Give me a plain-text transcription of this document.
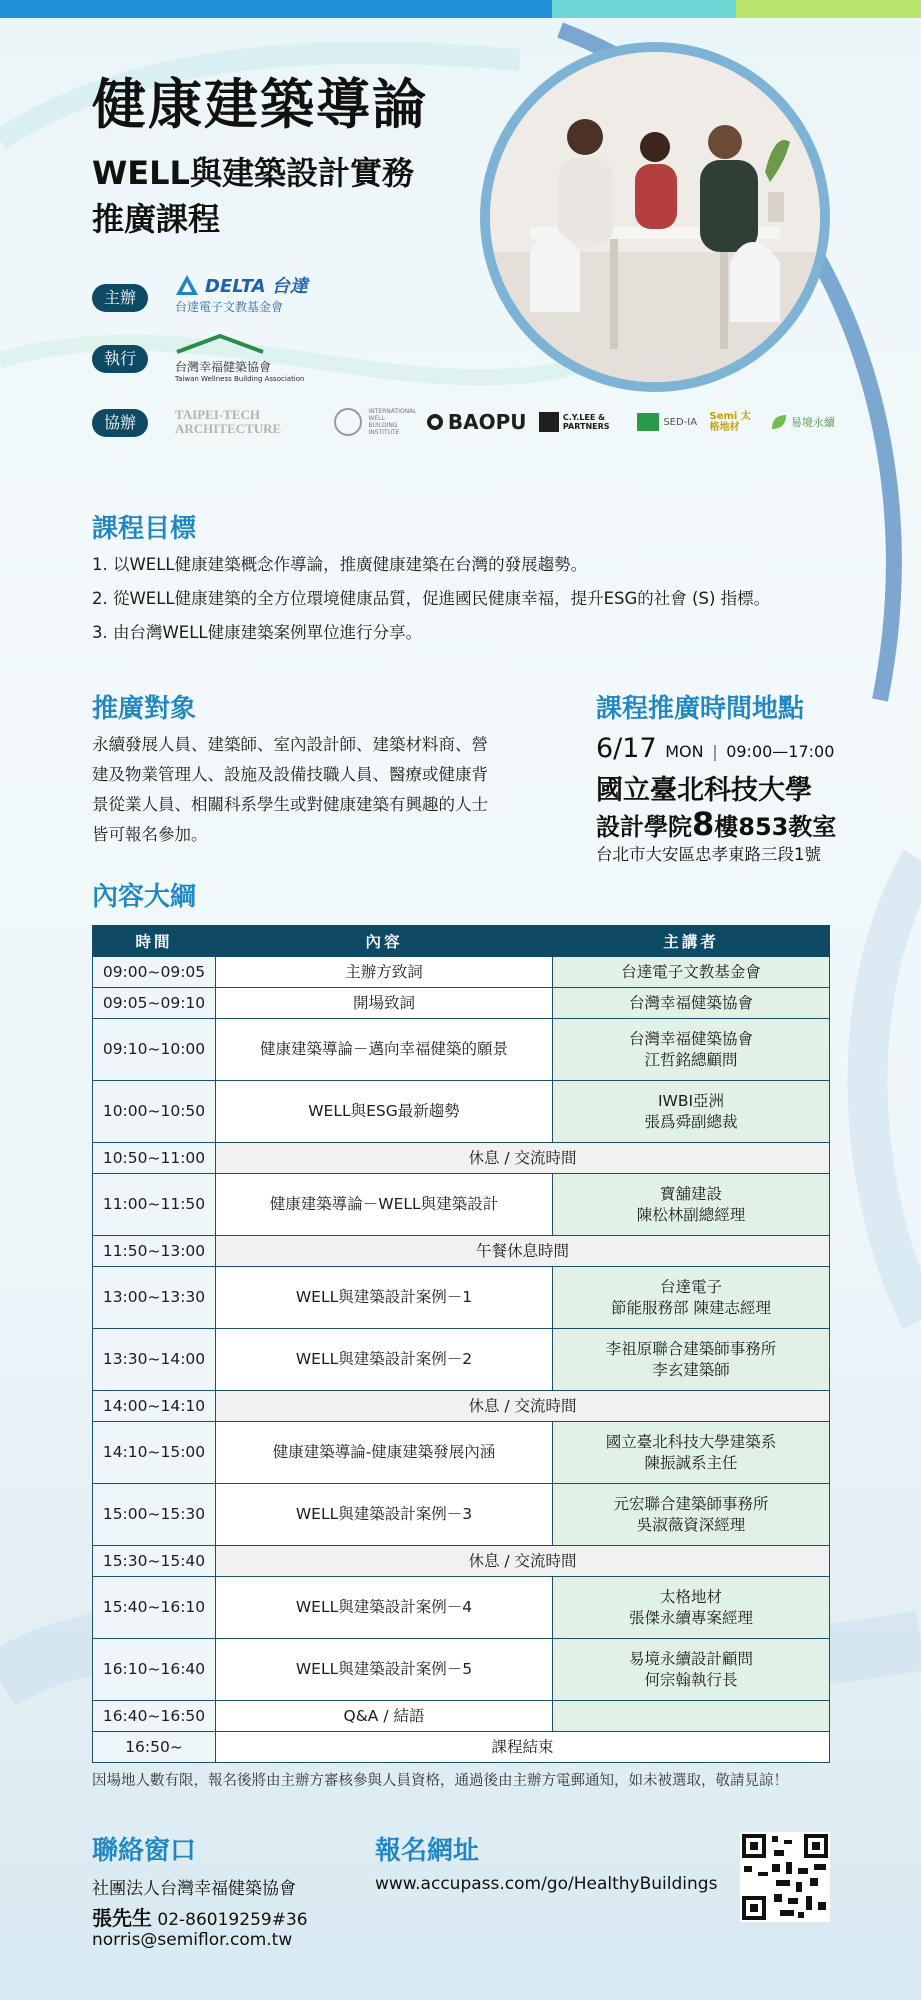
健康建築導論
WELL與建築設計實務
推廣課程
主辦
DELTA 台達
台達電子文教基金會
執行	台灣幸福健築協會
Taiwan Wellness Building Association
協辦	TAIPEI-TECH ARCHITECTURE
INTERNATIONAL WELL BUILDING INSTITUTE	BAOPU	C.Y.LEE & PARTNERS	SED-IA Semi 太格地材	易境永續
課程目標
1. 以WELL健康建築概念作導論，推廣健康建築在台灣的發展趨勢。
2. 從WELL健康建築的全方位環境健康品質，促進國民健康幸福，提升ESG的社會 (S) 指標。
3. 由台灣WELL健康建築案例單位進行分享。
推廣對象
永續發展人員、建築師、室內設計師、建築材料商、營
建及物業管理人、設施及設備技職人員、醫療或健康背
景從業人員、相關科系學生或對健康建築有興趣的人士
皆可報名參加。
課程推廣時間地點
6/17 MON | 09:00—17:00
國立臺北科技大學
設計學院8樓853教室
台北市大安區忠孝東路三段1號
內容大綱
時間	內容	主講者
09:00~09:05	主辦方致詞	台達電子文教基金會

09:05~09:10	開場致詞	台灣幸福健築協會

09:10~10:00	健康建築導論－邁向幸福健築的願景	台灣幸福健築協會
江哲銘總顧問

10:00~10:50	WELL與ESG最新趨勢	IWBI亞洲
張爲舜副總裁

10:50~11:00	休息 / 交流時間	
11:00~11:50	健康建築導論－WELL與建築設計	寶舖建設
陳松林副總經理

11:50~13:00	午餐休息時間	
13:00~13:30	WELL與建築設計案例－1	台達電子
節能服務部 陳建志經理

13:30~14:00	WELL與建築設計案例－2	李祖原聯合建築師事務所
李玄建築師

14:00~14:10	休息 / 交流時間	
14:10~15:00	健康建築導論-健康建築發展內涵	國立臺北科技大學建築系
陳振誠系主任

15:00~15:30	WELL與建築設計案例－3	元宏聯合建築師事務所
吳淑薇資深經理

15:30~15:40	休息 / 交流時間	
15:40~16:10	WELL與建築設計案例－4	太格地材
張傑永續專案經理

16:10~16:40	WELL與建築設計案例－5	易境永續設計顧問
何宗翰執行長

16:40~16:50	Q&A / 結語	
16:50~	課程結束	
因場地人數有限，報名後將由主辦方審核參與人員資格，通過後由主辦方電郵通知，如未被選取，敬請見諒！
聯絡窗口
社團法人台灣幸福健築協會
張先生 02-86019259#36
norris@semiflor.com.tw
報名網址
www.accupass.com/go/HealthyBuildings
